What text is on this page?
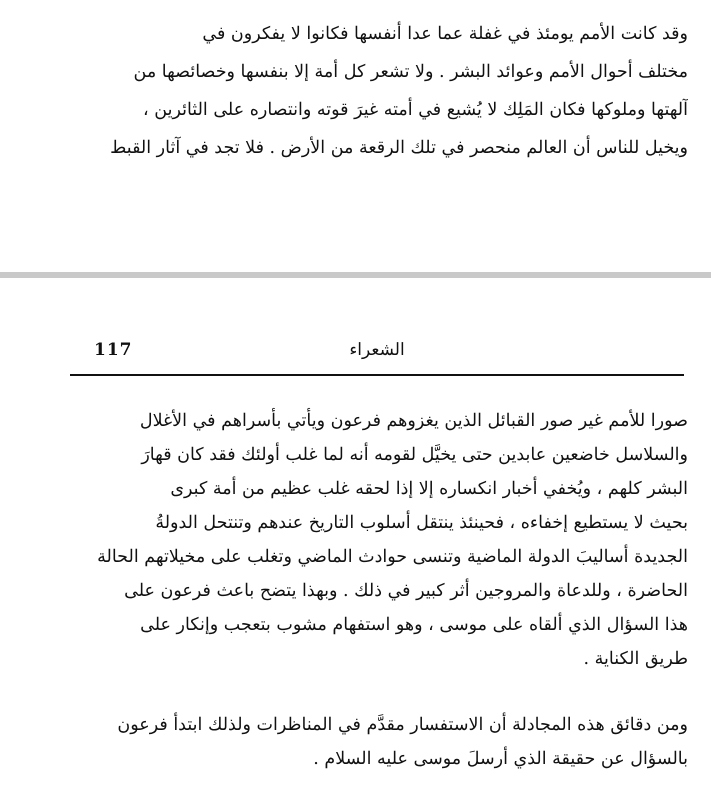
وقد كانت الأمم يومئذ في غفلة عما عدا أنفسها فكانوا لا يفكرون في
مختلف أحوال الأمم وعوائد البشر . ولا تشعر كل أمة إلا بنفسها وخصائصها من
آلهتها وملوكها فكان المَلِك لا يُشيع في أمته غيرَ قوته وانتصاره على الثائرين ،
ويخيل للناس أن العالم منحصر في تلك الرقعة من الأرض . فلا تجد في آثار القبط
الشعراء
117
صورا للأمم غير صور القبائل الذين يغزوهم فرعون ويأتي بأسراهم في الأغلال
والسلاسل خاضعين عابدين حتى يخيَّل لقومه أنه لما غلب أولئك فقد كان قهارَ
البشر كلهم ، ويُخفي أخبار انكساره إلا إذا لحقه غلب عظيم من أمة كبرى
بحيث لا يستطيع إخفاءه ، فحينئذ ينتقل أسلوب التاريخ عندهم وتنتحل الدولةُ
الجديدة أساليبَ الدولة الماضية وتنسى حوادث الماضي وتغلب على مخيلاتهم الحالة
الحاضرة ، وللدعاة والمروجين أثر كبير في ذلك . وبهذا يتضح باعث فرعون على
هذا السؤال الذي ألقاه على موسى ، وهو استفهام مشوب بتعجب وإنكار على
طريق الكناية .
ومن دقائق هذه المجادلة أن الاستفسار مقدَّم في المناظرات ولذلك ابتدأ فرعون
بالسؤال عن حقيقة الذي أرسلَ موسى عليه السلام .
